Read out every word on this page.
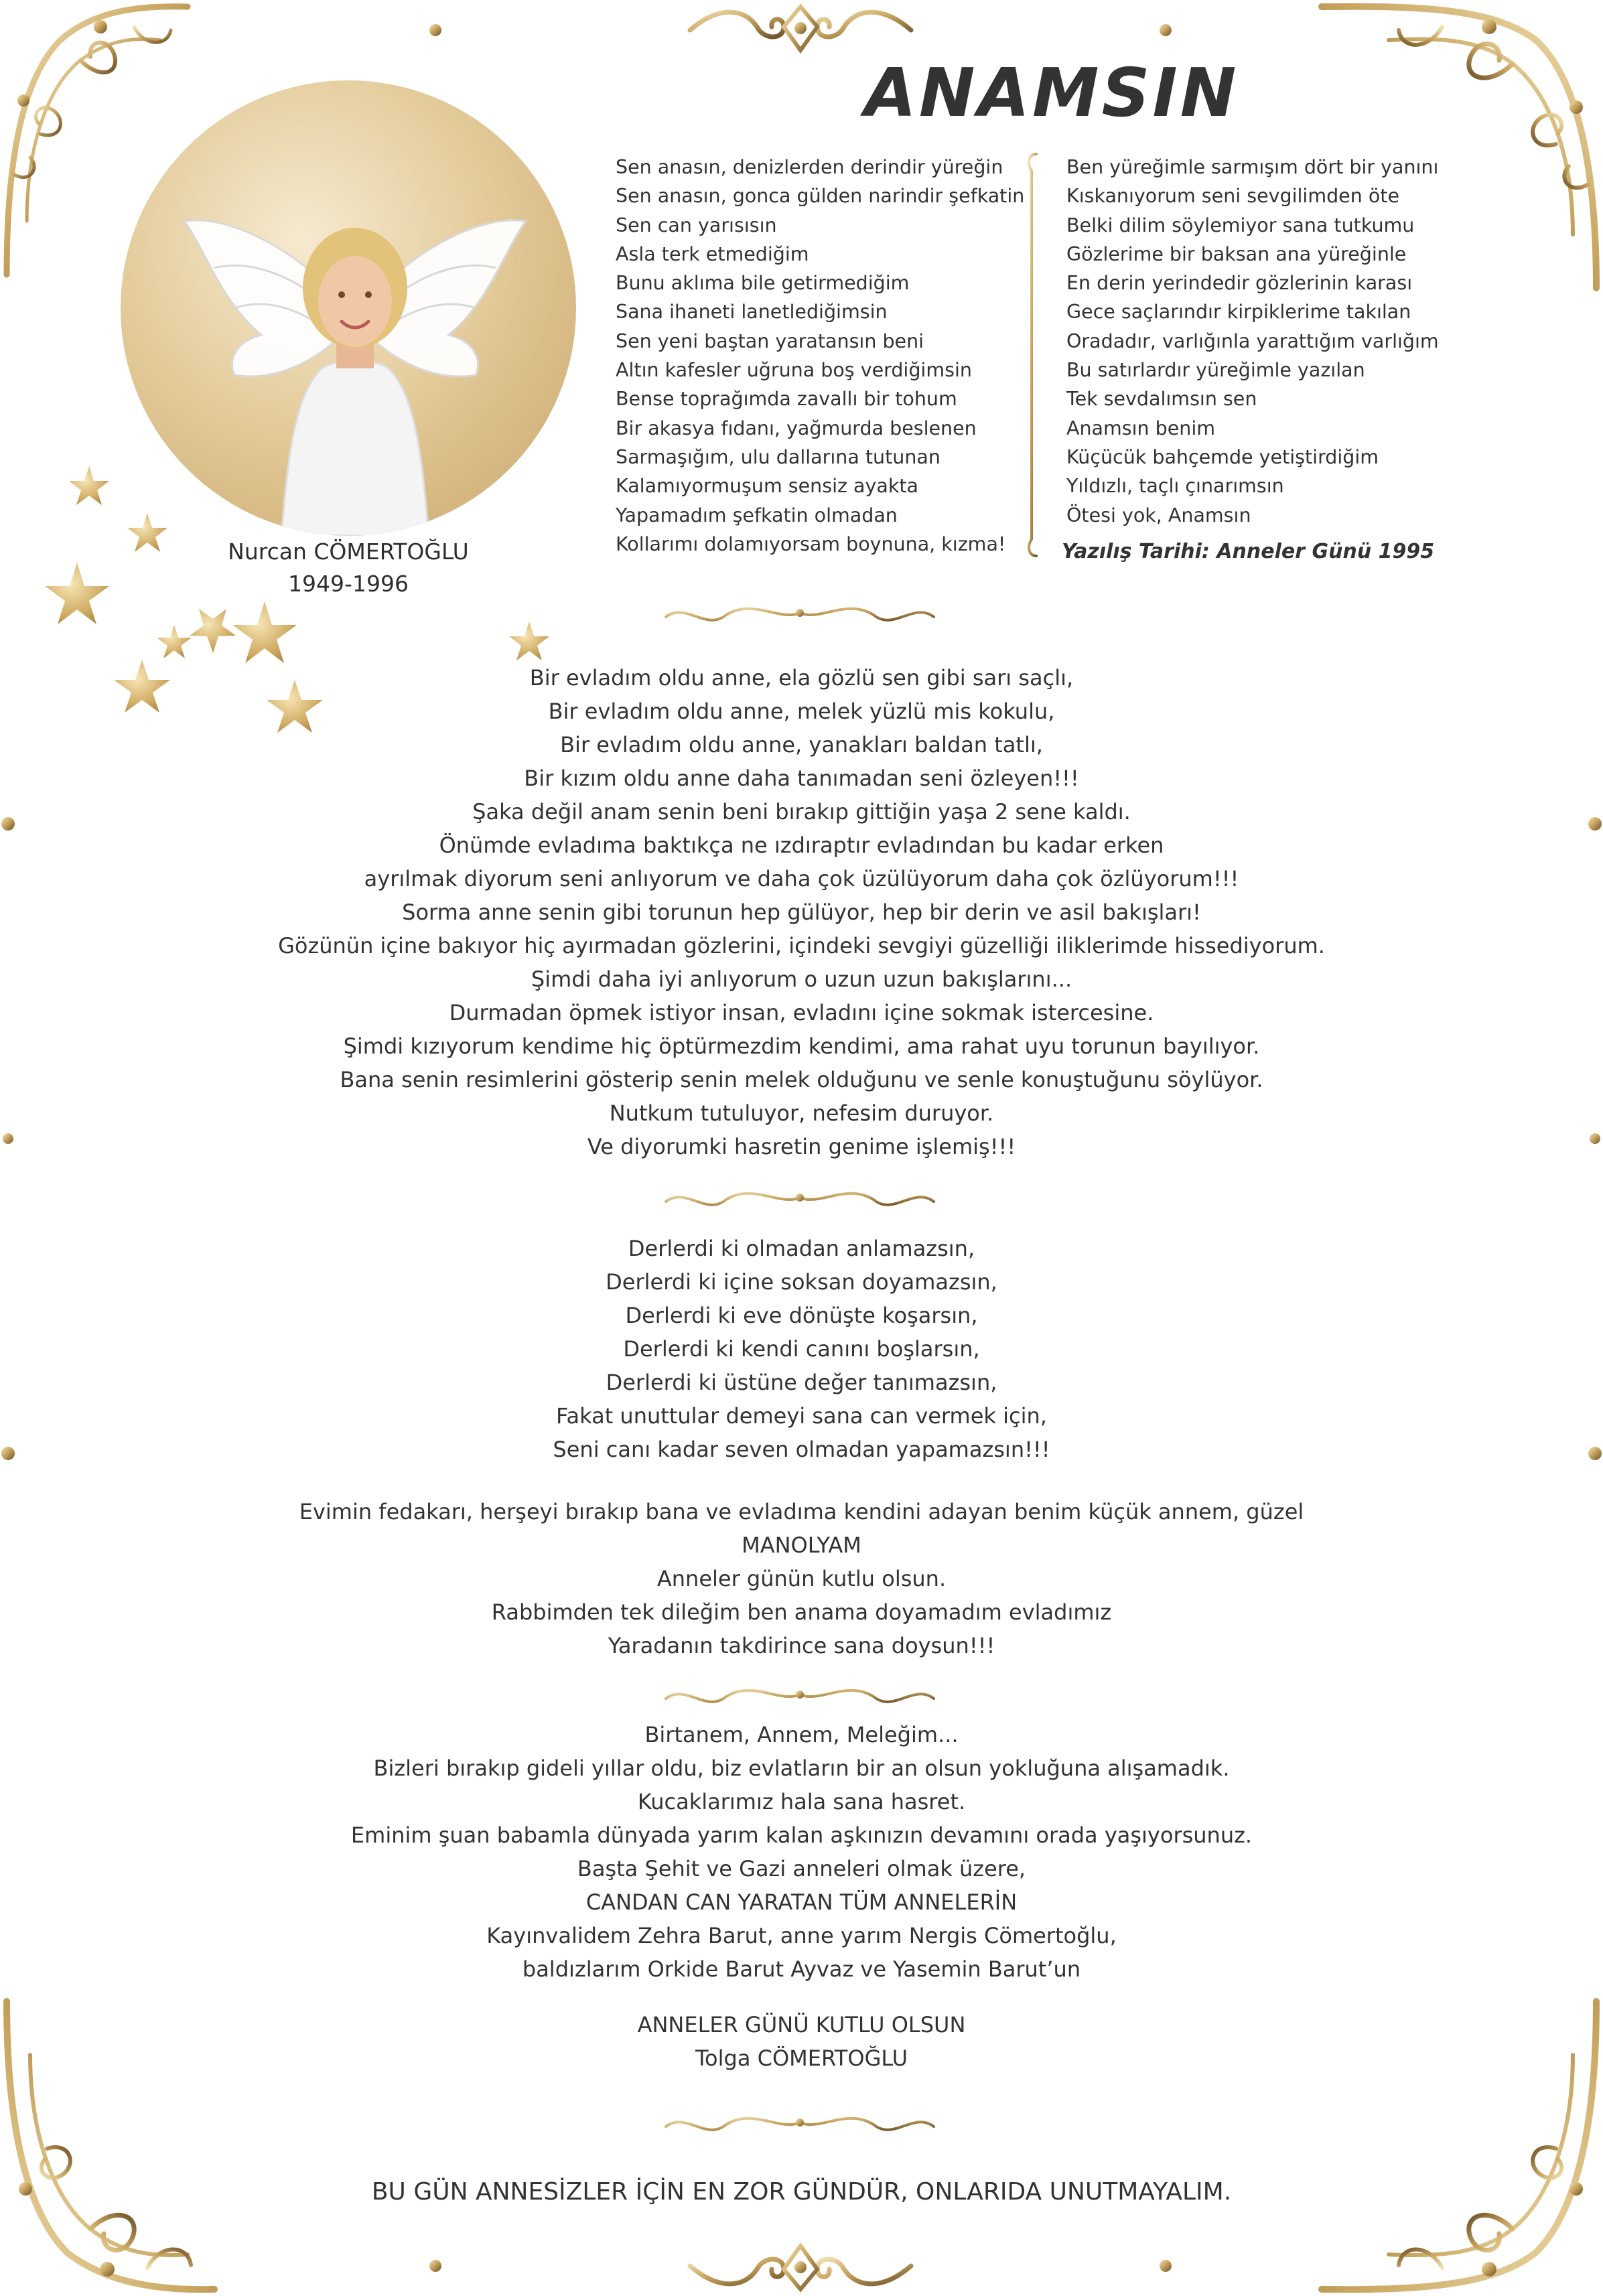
ANAMSIN
Nurcan CÖMERTOĞLU
1949-1996
Sen anasın, denizlerden derindir yüreğin
Sen anasın, gonca gülden narindir şefkatin
Sen can yarısısın
Asla terk etmediğim
Bunu aklıma bile getirmediğim
Sana ihaneti lanetlediğimsin
Sen yeni baştan yaratansın beni
Altın kafesler uğruna boş verdiğimsin
Bense toprağımda zavallı bir tohum
Bir akasya fıdanı, yağmurda beslenen
Sarmaşığım, ulu dallarına tutunan
Kalamıyormuşum sensiz ayakta
Yapamadım şefkatin olmadan
Kollarımı dolamıyorsam boynuna, kızma!
Ben yüreğimle sarmışım dört bir yanını
Kıskanıyorum seni sevgilimden öte
Belki dilim söylemiyor sana tutkumu
Gözlerime bir baksan ana yüreğinle
En derin yerindedir gözlerinin karası
Gece saçlarındır kirpiklerime takılan
Oradadır, varlığınla yarattığım varlığım
Bu satırlardır yüreğimle yazılan
Tek sevdalımsın sen
Anamsın benim
Küçücük bahçemde yetiştirdiğim
Yıldızlı, taçlı çınarımsın
Ötesi yok, Anamsın
Yazılış Tarihi: Anneler Günü 1995
Bir evladım oldu anne, ela gözlü sen gibi sarı saçlı,
Bir evladım oldu anne, melek yüzlü mis kokulu,
Bir evladım oldu anne, yanakları baldan tatlı,
Bir kızım oldu anne daha tanımadan seni özleyen!!!
Şaka değil anam senin beni bırakıp gittiğin yaşa 2 sene kaldı.
Önümde evladıma baktıkça ne ızdıraptır evladından bu kadar erken
ayrılmak diyorum seni anlıyorum ve daha çok üzülüyorum daha çok özlüyorum!!!
Sorma anne senin gibi torunun hep gülüyor, hep bir derin ve asil bakışları!
Gözünün içine bakıyor hiç ayırmadan gözlerini, içindeki sevgiyi güzelliği iliklerimde hissediyorum.
Şimdi daha iyi anlıyorum o uzun uzun bakışlarını...
Durmadan öpmek istiyor insan, evladını içine sokmak istercesine.
Şimdi kızıyorum kendime hiç öptürmezdim kendimi, ama rahat uyu torunun bayılıyor.
Bana senin resimlerini gösterip senin melek olduğunu ve senle konuştuğunu söylüyor.
Nutkum tutuluyor, nefesim duruyor.
Ve diyorumki hasretin genime işlemiş!!!
Derlerdi ki olmadan anlamazsın,
Derlerdi ki içine soksan doyamazsın,
Derlerdi ki eve dönüşte koşarsın,
Derlerdi ki kendi canını boşlarsın,
Derlerdi ki üstüne değer tanımazsın,
Fakat unuttular demeyi sana can vermek için,
Seni canı kadar seven olmadan yapamazsın!!!
Evimin fedakarı, herşeyi bırakıp bana ve evladıma kendini adayan benim küçük annem, güzel
MANOLYAM
Anneler günün kutlu olsun.
Rabbimden tek dileğim ben anama doyamadım evladımız
Yaradanın takdirince sana doysun!!!
Birtanem, Annem, Meleğim...
Bizleri bırakıp gideli yıllar oldu, biz evlatların bir an olsun yokluğuna alışamadık.
Kucaklarımız hala sana hasret.
Eminim şuan babamla dünyada yarım kalan aşkınızın devamını orada yaşıyorsunuz.
Başta Şehit ve Gazi anneleri olmak üzere,
CANDAN CAN YARATAN TÜM ANNELERİN
Kayınvalidem Zehra Barut, anne yarım Nergis Cömertoğlu,
baldızlarım Orkide Barut Ayvaz ve Yasemin Barut’un
ANNELER GÜNÜ KUTLU OLSUN
Tolga CÖMERTOĞLU
BU GÜN ANNESİZLER İÇİN EN ZOR GÜNDÜR, ONLARIDA UNUTMAYALIM.
